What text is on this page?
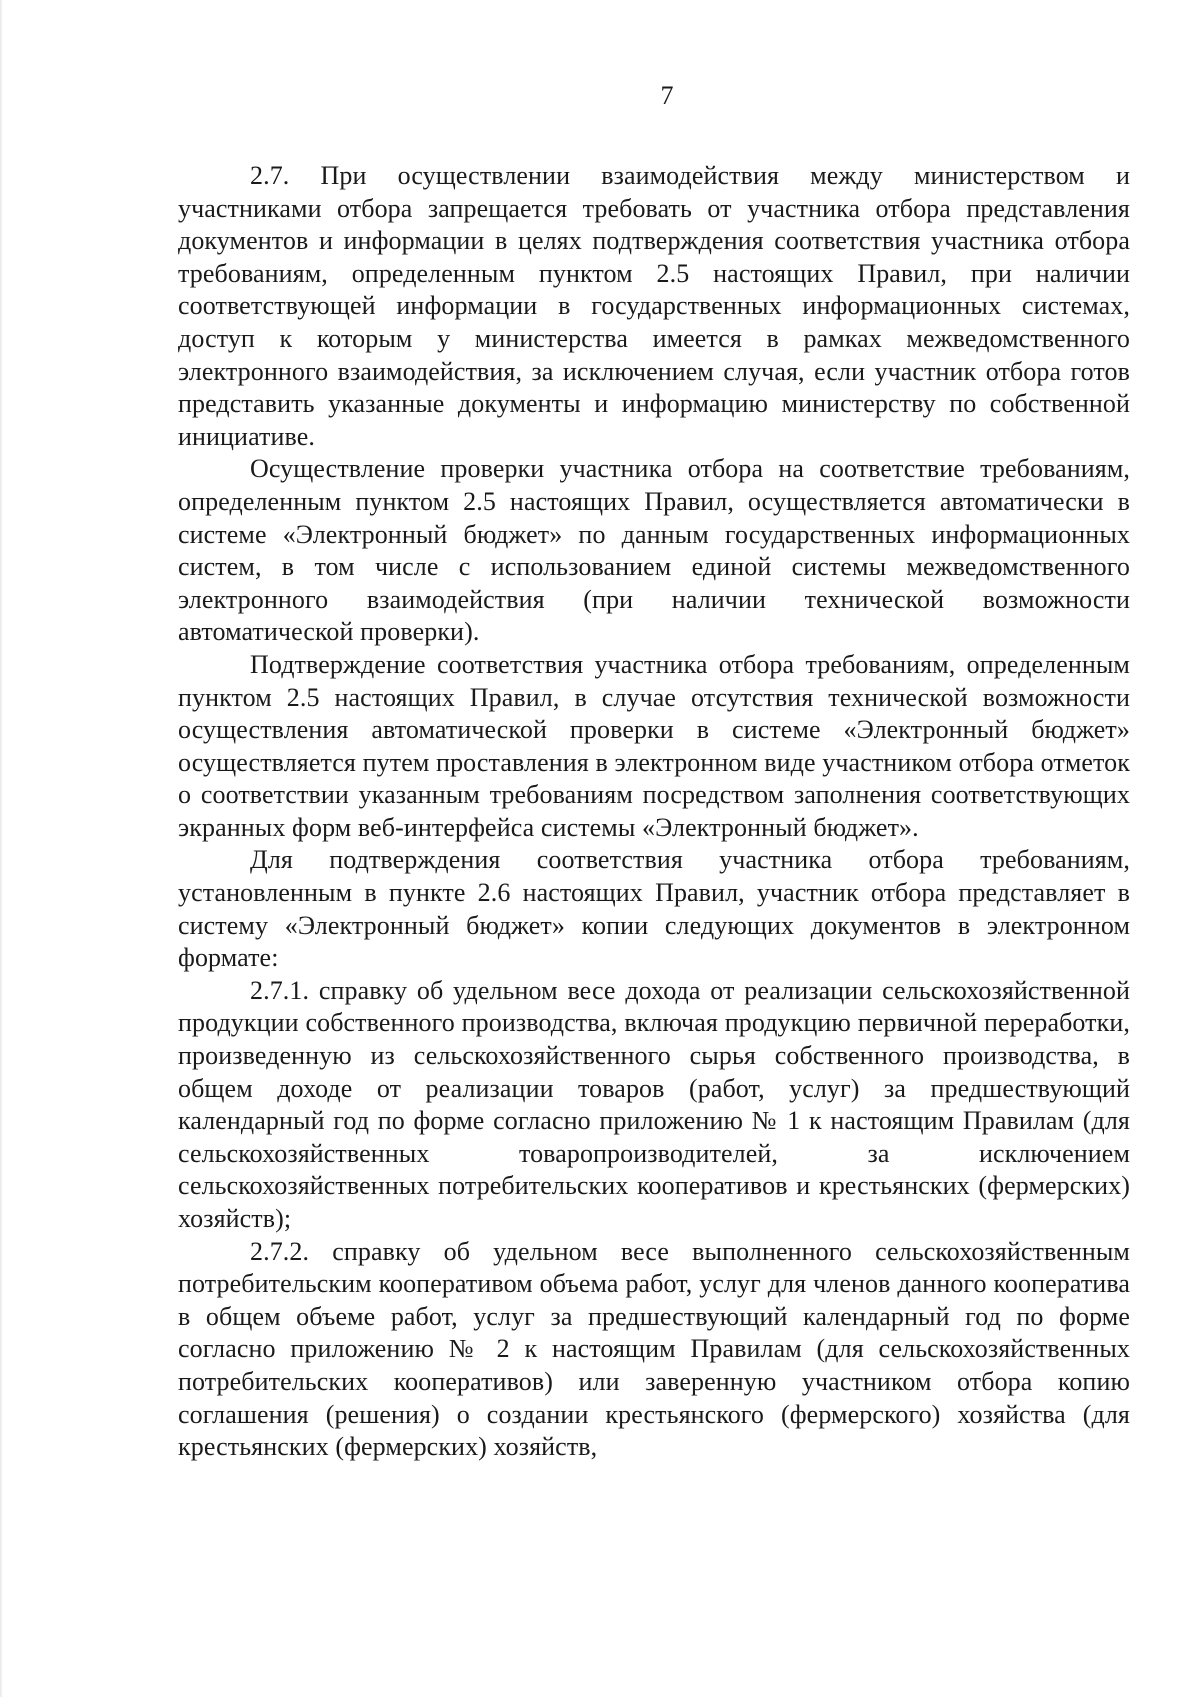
7

2.7. При осуществлении взаимодействия между министерством и участниками отбора запрещается требовать от участника отбора представления документов и информации в целях подтверждения соответствия участника отбора требованиям, определенным пунктом 2.5 настоящих Правил, при наличии соответствующей информации в государственных информационных системах, доступ к которым у министерства имеется в рамках межведомственного электронного взаимодействия, за исключением случая, если участник отбора готов представить указанные документы и информацию министерству по собственной инициативе.

Осуществление проверки участника отбора на соответствие требованиям, определенным пунктом 2.5 настоящих Правил, осуществляется автоматически в системе «Электронный бюджет» по данным государственных информационных систем, в том числе с использованием единой системы межведомственного электронного взаимодействия (при наличии технической возможности автоматической проверки).

Подтверждение соответствия участника отбора требованиям, определенным пунктом 2.5 настоящих Правил, в случае отсутствия технической возможности осуществления автоматической проверки в системе «Электронный бюджет» осуществляется путем проставления в электронном виде участником отбора отметок о соответствии указанным требованиям посредством заполнения соответствующих экранных форм веб-интерфейса системы «Электронный бюджет».

Для подтверждения соответствия участника отбора требованиям, установленным в пункте 2.6 настоящих Правил, участник отбора представляет в систему «Электронный бюджет» копии следующих документов в электронном формате:

2.7.1. справку об удельном весе дохода от реализации сельскохозяйственной продукции собственного производства, включая продукцию первичной переработки, произведенную из сельскохозяйственного сырья собственного производства, в общем доходе от реализации товаров (работ, услуг) за предшествующий календарный год по форме согласно приложению № 1 к настоящим Правилам (для сельскохозяйственных товаропроизводителей, за исключением сельскохозяйственных потребительских кооперативов и крестьянских (фермерских) хозяйств);

2.7.2. справку об удельном весе выполненного сельскохозяйственным потребительским кооперативом объема работ, услуг для членов данного кооператива в общем объеме работ, услуг за предшествующий календарный год по форме согласно приложению № 2 к настоящим Правилам (для сельскохозяйственных потребительских кооперативов) или заверенную участником отбора копию соглашения (решения) о создании крестьянского (фермерского) хозяйства (для крестьянских (фермерских) хозяйств,
